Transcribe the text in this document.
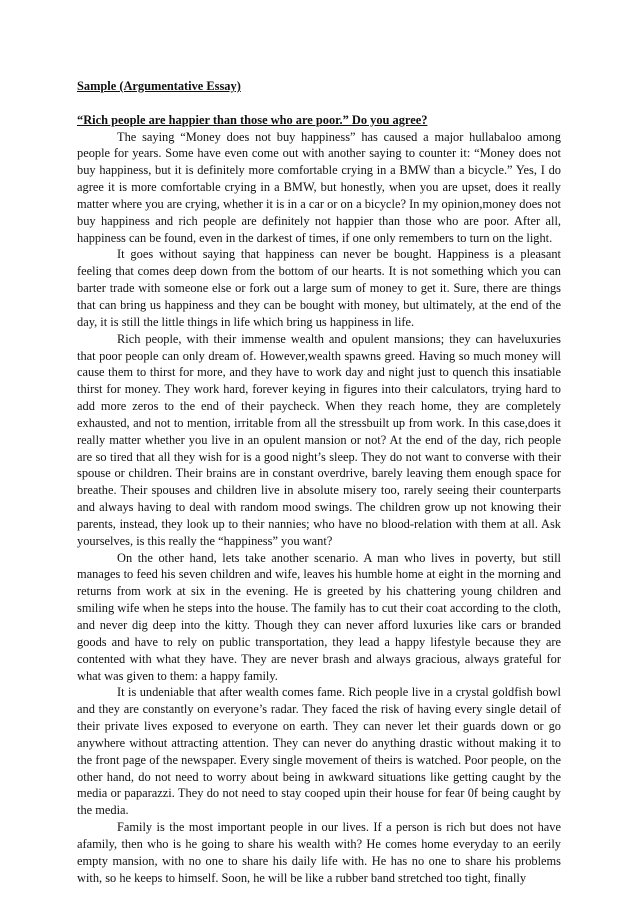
Sample (Argumentative Essay)

“Rich people are happier than those who are poor.” Do you agree?

The saying “Money does not buy happiness” has caused a major hullabaloo among people for years. Some have even come out with another saying to counter it: “Money does not buy happiness, but it is definitely more comfortable crying in a BMW than a bicycle.” Yes, I do agree it is more comfortable crying in a BMW, but honestly, when you are upset, does it really matter where you are crying, whether it is in a car or on a bicycle? In my opinion,money does not buy happiness and rich people are definitely not happier than those who are poor. After all, happiness can be found, even in the darkest of times, if one only remembers to turn on the light.

It goes without saying that happiness can never be bought. Happiness is a pleasant feeling that comes deep down from the bottom of our hearts. It is not something which you can barter trade with someone else or fork out a large sum of money to get it. Sure, there are things that can bring us happiness and they can be bought with money, but ultimately, at the end of the day, it is still the little things in life which bring us happiness in life.

Rich people, with their immense wealth and opulent mansions; they can haveluxuries that poor people can only dream of. However,wealth spawns greed. Having so much money will cause them to thirst for more, and they have to work day and night just to quench this insatiable thirst for money. They work hard, forever keying in figures into their calculators, trying hard to add more zeros to the end of their paycheck. When they reach home, they are completely exhausted, and not to mention, irritable from all the stressbuilt up from work. In this case,does it really matter whether you live in an opulent mansion or not? At the end of the day, rich people are so tired that all they wish for is a good night’s sleep. They do not want to converse with their spouse or children. Their brains are in constant overdrive, barely leaving them enough space for breathe. Their spouses and children live in absolute misery too, rarely seeing their counterparts and always having to deal with random mood swings. The children grow up not knowing their parents, instead, they look up to their nannies; who have no blood-relation with them at all. Ask yourselves, is this really the “happiness” you want?

On the other hand, lets take another scenario. A man who lives in poverty, but still manages to feed his seven children and wife, leaves his humble home at eight in the morning and returns from work at six in the evening. He is greeted by his chattering young children and smiling wife when he steps into the house. The family has to cut their coat according to the cloth, and never dig deep into the kitty. Though they can never afford luxuries like cars or branded goods and have to rely on public transportation, they lead a happy lifestyle because they are contented with what they have. They are never brash and always gracious, always grateful for what was given to them: a happy family.

It is undeniable that after wealth comes fame. Rich people live in a crystal goldfish bowl and they are constantly on everyone’s radar. They faced the risk of having every single detail of their private lives exposed to everyone on earth. They can never let their guards down or go anywhere without attracting attention. They can never do anything drastic without making it to the front page of the newspaper. Every single movement of theirs is watched. Poor people, on the other hand, do not need to worry about being in awkward situations like getting caught by the media or paparazzi. They do not need to stay cooped upin their house for fear 0f being caught by the media.

Family is the most important people in our lives. If a person is rich but does not have afamily, then who is he going to share his wealth with? He comes home everyday to an eerily empty mansion, with no one to share his daily life with. He has no one to share his problems with, so he keeps to himself. Soon, he will be like a rubber band stretched too tight, finally
